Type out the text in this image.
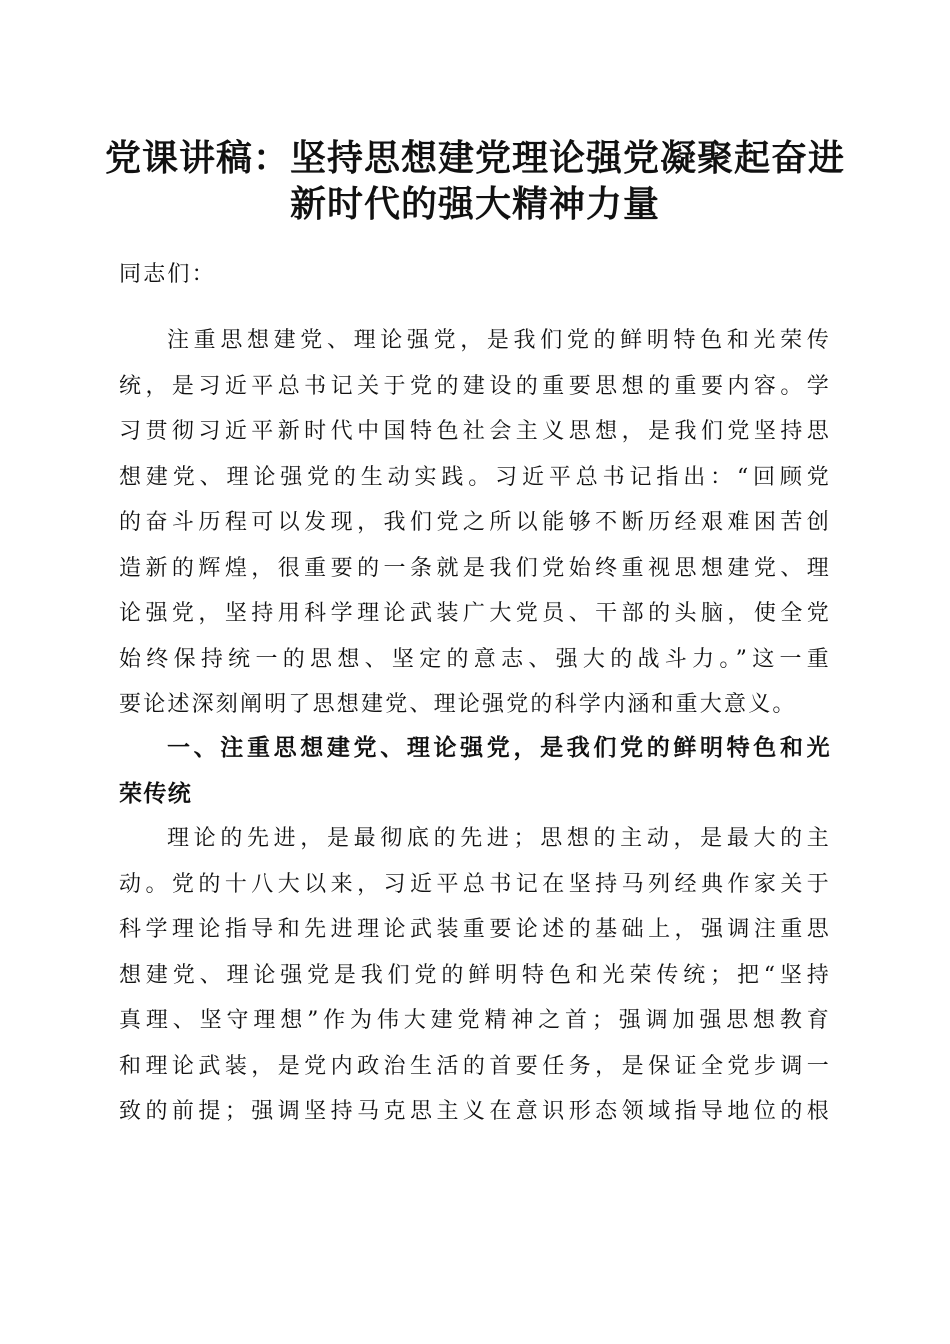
党课讲稿：坚持思想建党理论强党凝聚起奋进
新时代的强大精神力量
同志们：
注重思想建党、理论强党，是我们党的鲜明特色和光荣传
统，是习近平总书记关于党的建设的重要思想的重要内容。学
习贯彻习近平新时代中国特色社会主义思想，是我们党坚持思
想建党、理论强党的生动实践。习近平总书记指出：“回顾党
的奋斗历程可以发现，我们党之所以能够不断历经艰难困苦创
造新的辉煌，很重要的一条就是我们党始终重视思想建党、理
论强党，坚持用科学理论武装广大党员、干部的头脑，使全党
始终保持统一的思想、坚定的意志、强大的战斗力。”这一重
要论述深刻阐明了思想建党、理论强党的科学内涵和重大意义。
一、注重思想建党、理论强党，是我们党的鲜明特色和光
荣传统
理论的先进，是最彻底的先进；思想的主动，是最大的主
动。党的十八大以来，习近平总书记在坚持马列经典作家关于
科学理论指导和先进理论武装重要论述的基础上，强调注重思
想建党、理论强党是我们党的鲜明特色和光荣传统；把“坚持
真理、坚守理想”作为伟大建党精神之首；强调加强思想教育
和理论武装，是党内政治生活的首要任务，是保证全党步调一
致的前提；强调坚持马克思主义在意识形态领域指导地位的根
